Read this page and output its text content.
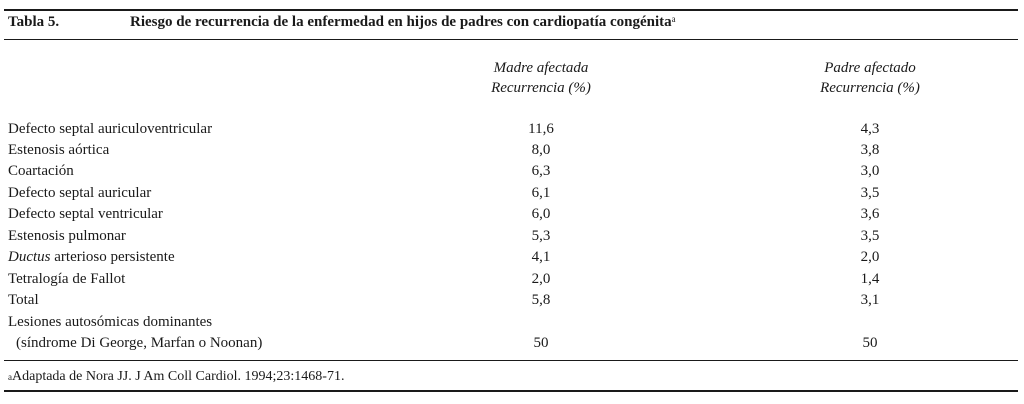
Tabla 5.	Riesgo de recurrencia de la enfermedad en hijos de padres con cardiopatía congénita$^a$
Madre afectada
Recurrencia (%)
Padre afectado
Recurrencia (%)
Defecto septal auriculoventricular	11,6	4,3
Estenosis aórtica	8,0	3,8
Coartación	6,3	3,0
Defecto septal auricular	6,1	3,5
Defecto septal ventricular	6,0	3,6
Estenosis pulmonar	5,3	3,5
Ductus arterioso persistente	4,1	2,0
Tetralogía de Fallot	2,0	1,4
Total	5,8	3,1
Lesiones autosómicas dominantes
(síndrome Di George, Marfan o Noonan)	50	50
$^a$Adaptada de Nora JJ. J Am Coll Cardiol. 1994;23:1468-71.
